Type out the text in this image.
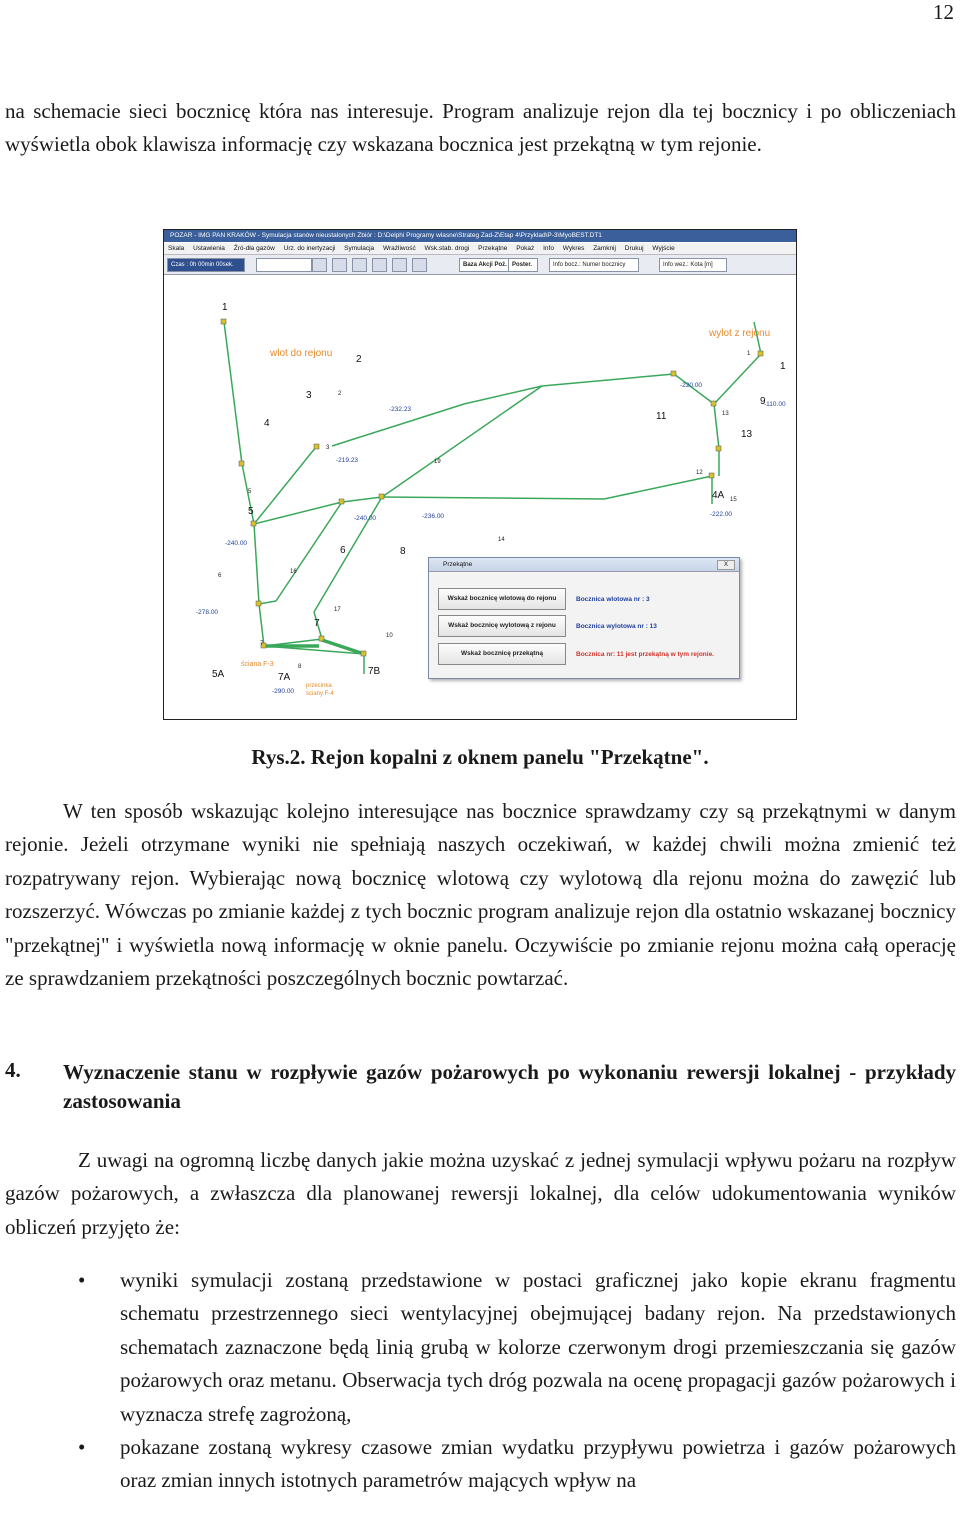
12

na schemacie sieci bocznicę która nas interesuje. Program analizuje rejon dla tej bocznicy i po obliczeniach wyświetla obok klawisza informację czy wskazana bocznica jest przekątną w tym rejonie.

POZAR - IMG PAN KRAKÓW - Symulacja stanów nieustalonych Zbiór : D:\Delphi Programy wlasne\Strateg Zad-Z\Etap 4\Przyklad\P-3\MyoBEST.DT1
Skala Ustawienia Źró-dła gazów Urz. do inertyzacji Symulacja Wrażliwość Wsk.stab. drogi Przekątne Pokaż Info Wykres Zamknij Drukuj Wyjście
Czas : 0h 00min 00sek.	Baza Akcji Poż. Poster.	Info bocz.: Numer bocznicy	Info wez.: Kota [m]
1
2
3
4
5
5A
6
7
7A
7B
8
9
11
13
4A
1
1
2
3
5
6
7
8
10
12
13
14
15
16
17
19
-232.23
-219.23
-240.00	-236.00
-240.00
-278.00
-290.00
-220.00
-110.00
-222.00
wlot do rejonu
wylot z rejonu
ściana F-3
przecinka
ściany F-4
Przekątne	X
Wskaż bocznicę wlotową do rejonu
Wskaż bocznicę wylotową z rejonu
Wskaż bocznicę przekątną
Bocznica wlotowa nr : 3
Bocznica wylotowa nr : 13
Bocznica nr: 11 jest przekątną w tym rejonie.
Rys.2. Rejon kopalni z oknem panelu "Przekątne".

W ten sposób wskazując kolejno interesujące nas bocznice sprawdzamy czy są przekątnymi w danym rejonie. Jeżeli otrzymane wyniki nie spełniają naszych oczekiwań, w każdej chwili można zmienić też rozpatrywany rejon. Wybierając nową bocznicę wlotową czy wylotową dla rejonu można do zawęzić lub rozszerzyć. Wówczas po zmianie każdej z tych bocznic program analizuje rejon dla ostatnio wskazanej bocznicy "przekątnej" i wyświetla nową informację w oknie panelu. Oczywiście po zmianie rejonu można całą operację ze sprawdzaniem przekątności poszczególnych bocznic powtarzać.

4. Wyznaczenie stanu w rozpływie gazów pożarowych po wykonaniu rewersji lokalnej - przykłady zastosowania

Z uwagi na ogromną liczbę danych jakie można uzyskać z jednej symulacji wpływu pożaru na rozpływ gazów pożarowych, a zwłaszcza dla planowanej rewersji lokalnej, dla celów udokumentowania wyników obliczeń przyjęto że:

• wyniki symulacji zostaną przedstawione w postaci graficznej jako kopie ekranu fragmentu schematu przestrzennego sieci wentylacyjnej obejmującej badany rejon. Na przedstawionych schematach zaznaczone będą linią grubą w kolorze czerwonym drogi przemieszczania się gazów pożarowych oraz metanu. Obserwacja tych dróg pozwala na ocenę propagacji gazów pożarowych i wyznacza strefę zagrożoną,
• pokazane zostaną wykresy czasowe zmian wydatku przypływu powietrza i gazów pożarowych oraz zmian innych istotnych parametrów mających wpływ na
